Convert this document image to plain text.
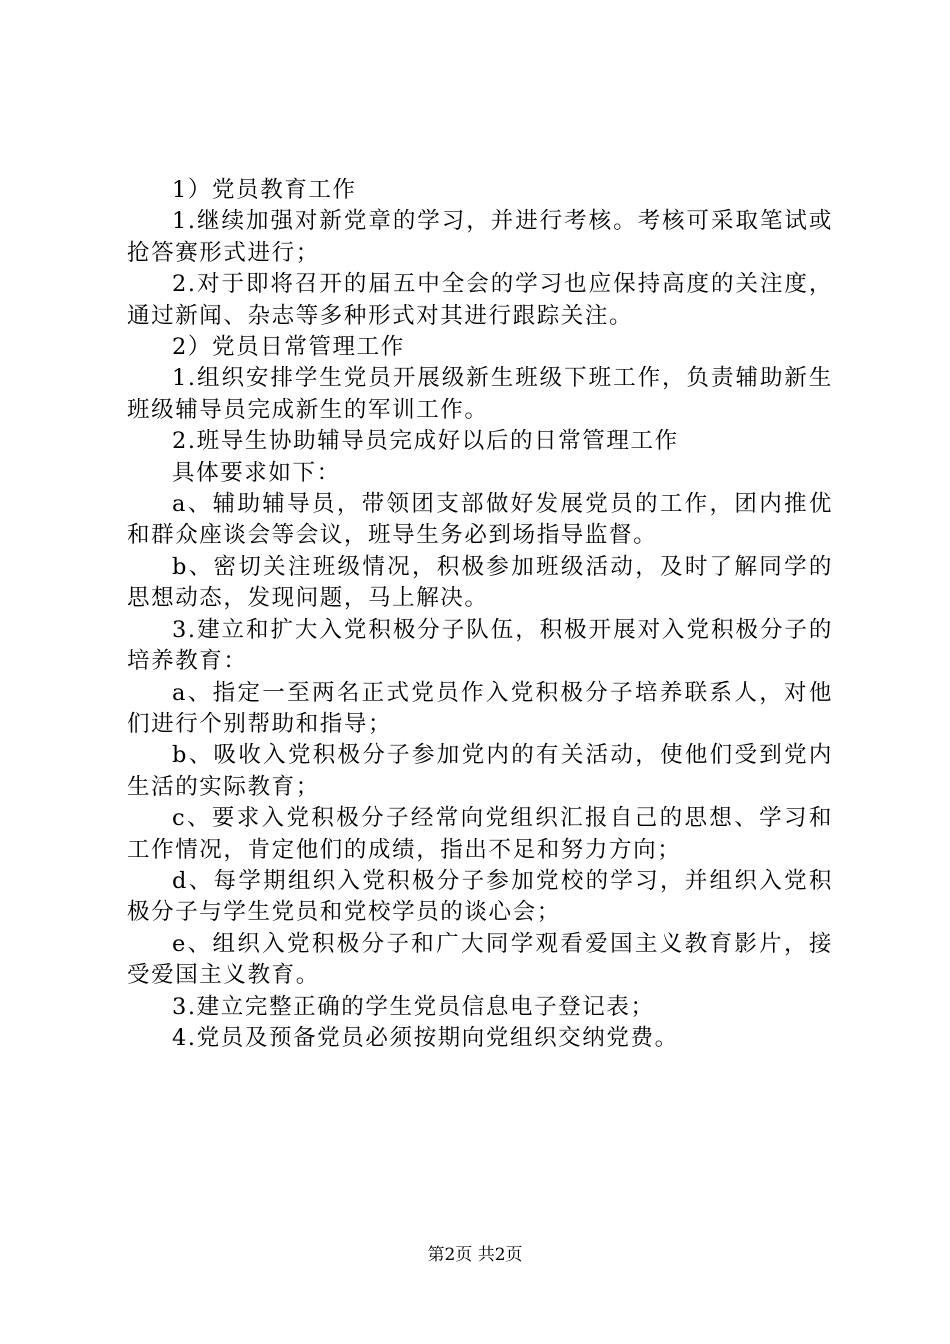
1）党员教育工作

1.继续加强对新党章的学习，并进行考核。考核可采取笔试或抢答赛形式进行；

2.对于即将召开的届五中全会的学习也应保持高度的关注度，通过新闻、杂志等多种形式对其进行跟踪关注。

2）党员日常管理工作

1.组织安排学生党员开展级新生班级下班工作，负责辅助新生班级辅导员完成新生的军训工作。

2.班导生协助辅导员完成好以后的日常管理工作

具体要求如下：

a、辅助辅导员，带领团支部做好发展党员的工作，团内推优和群众座谈会等会议，班导生务必到场指导监督。

b、密切关注班级情况，积极参加班级活动，及时了解同学的思想动态，发现问题，马上解决。

3.建立和扩大入党积极分子队伍，积极开展对入党积极分子的培养教育：

a、指定一至两名正式党员作入党积极分子培养联系人，对他们进行个别帮助和指导；

b、吸收入党积极分子参加党内的有关活动，使他们受到党内生活的实际教育；

c、要求入党积极分子经常向党组织汇报自己的思想、学习和工作情况，肯定他们的成绩，指出不足和努力方向；

d、每学期组织入党积极分子参加党校的学习，并组织入党积极分子与学生党员和党校学员的谈心会；

e、组织入党积极分子和广大同学观看爱国主义教育影片，接受爱国主义教育。

3.建立完整正确的学生党员信息电子登记表；

4.党员及预备党员必须按期向党组织交纳党费。

第2页 共2页
